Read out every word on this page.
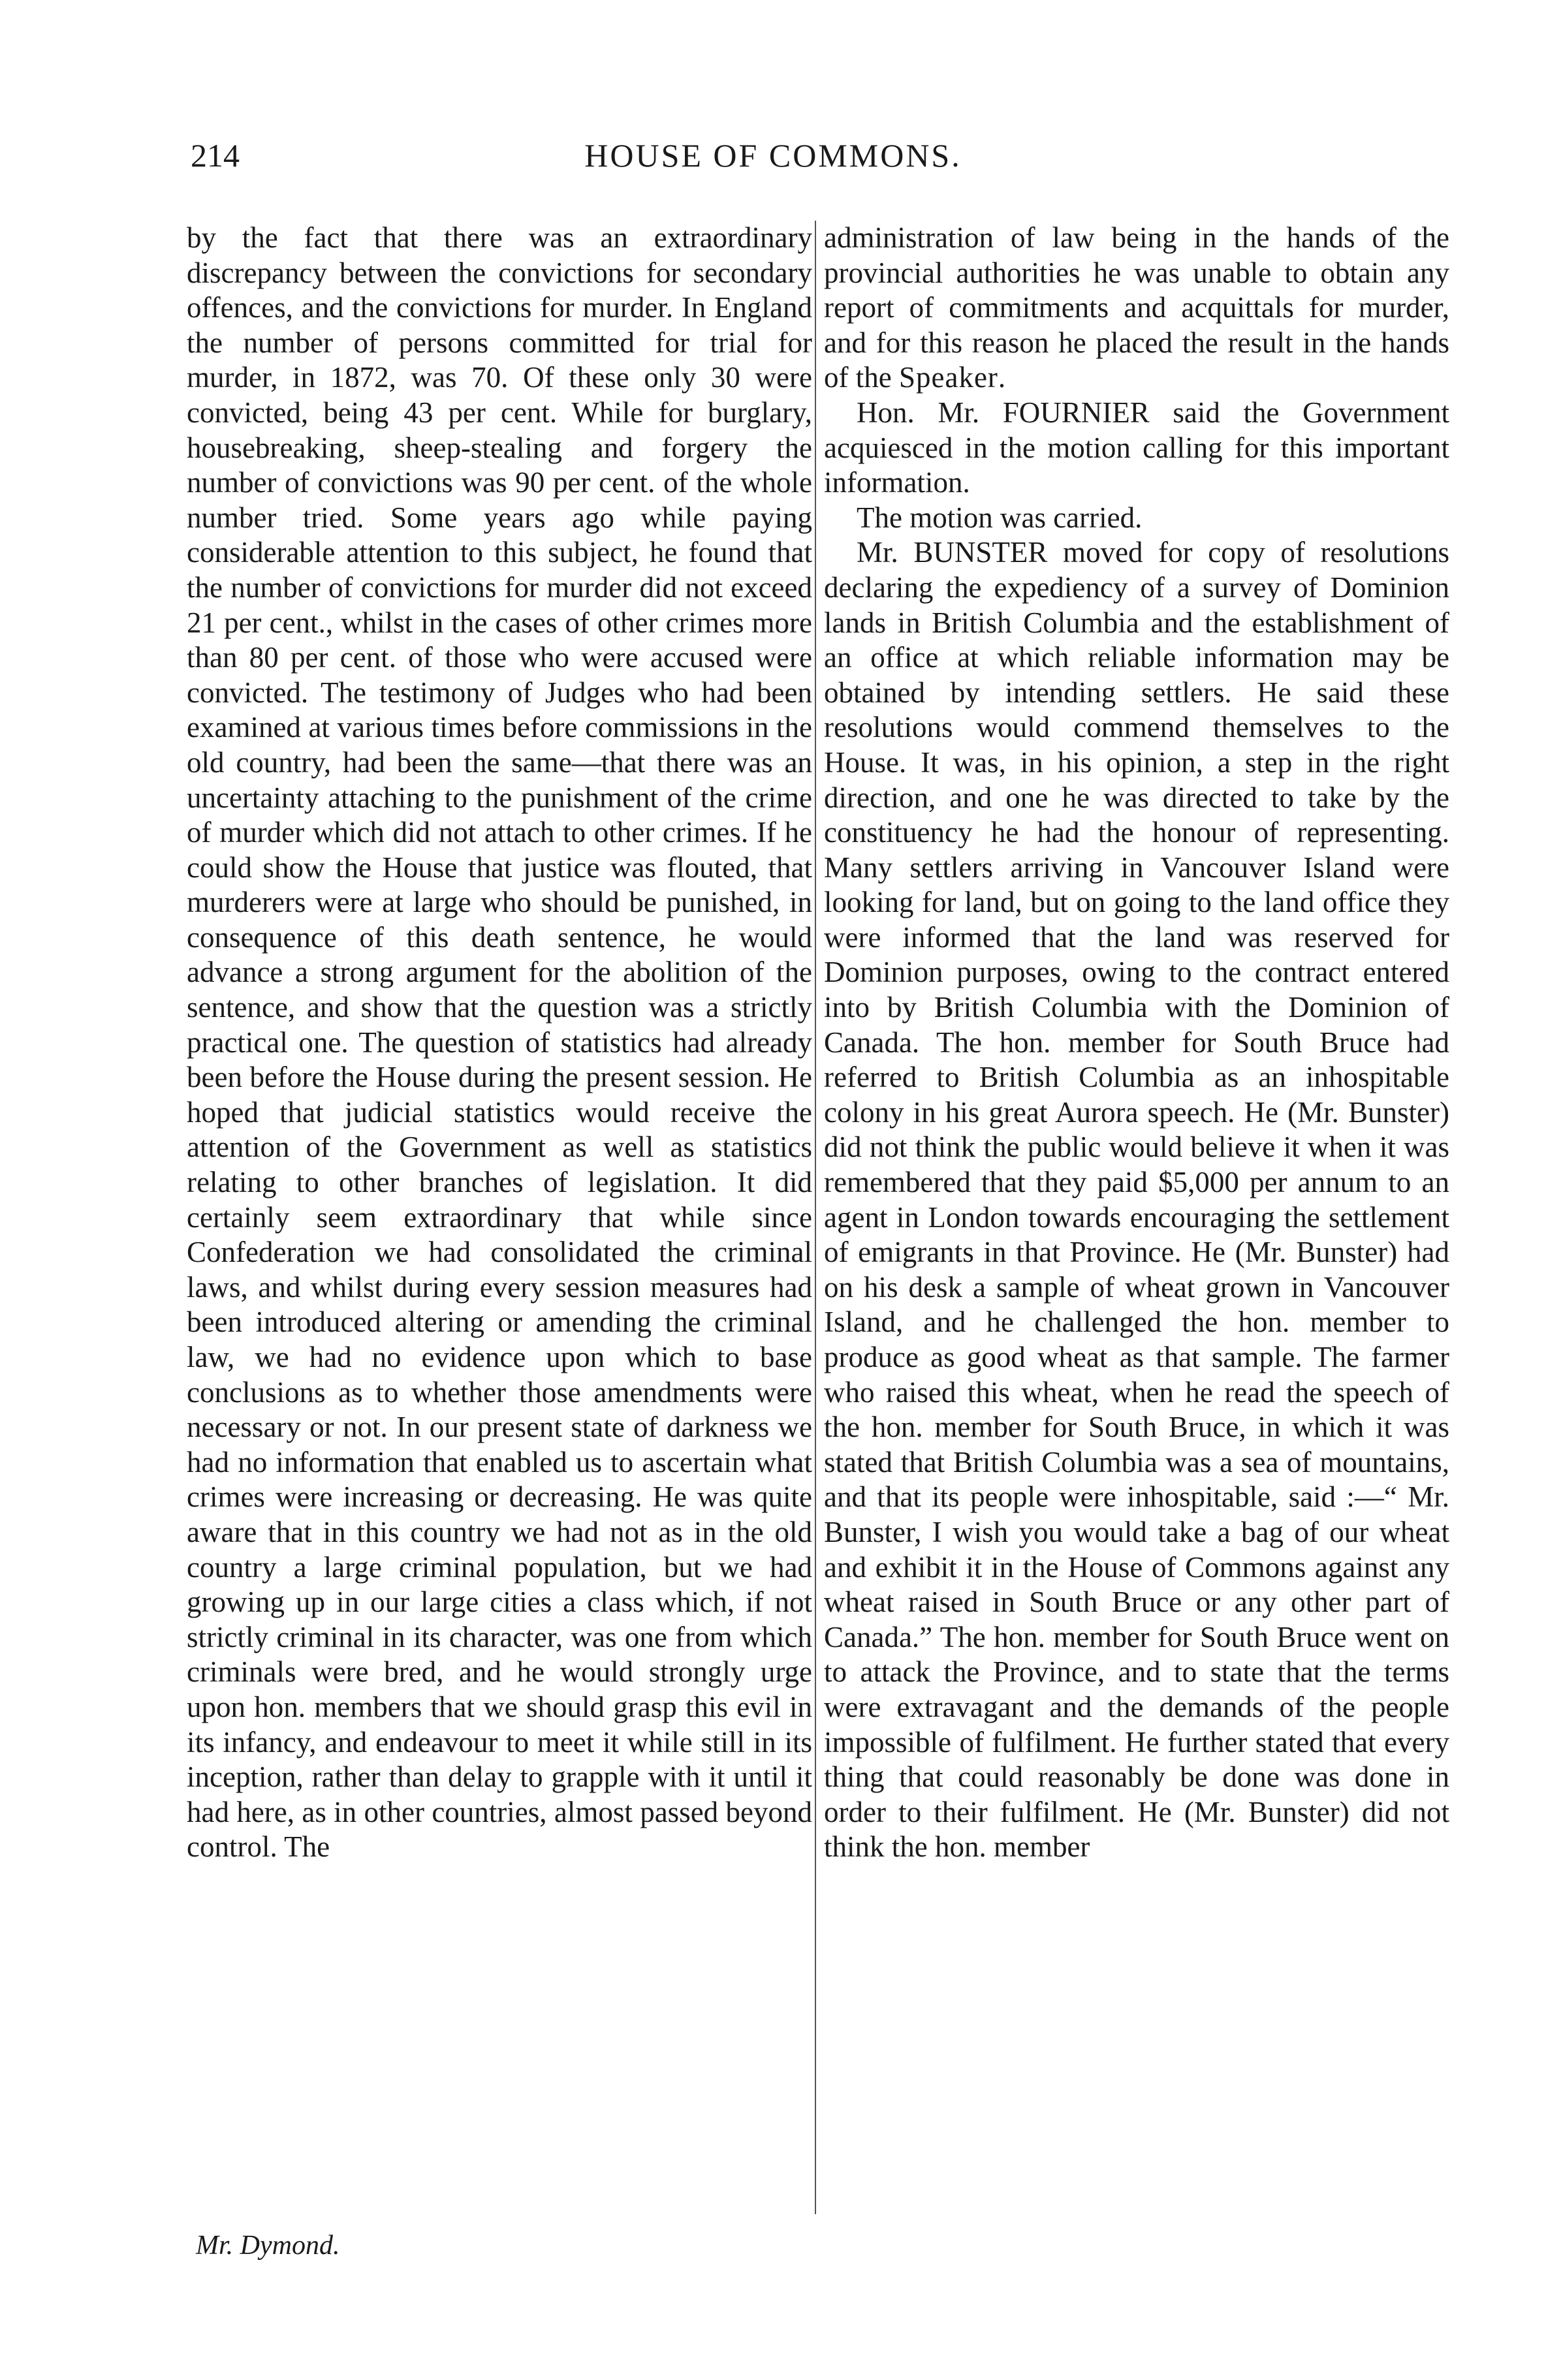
214	HOUSE OF COMMONS.

by the fact that there was an extraordinary discrepancy between the convictions for secondary offences, and the convictions for murder. In England the number of persons committed for trial for murder, in 1872, was 70. Of these only 30 were convicted, being 43 per cent. While for burglary, housebreaking, sheep-stealing and forgery the number of convictions was 90 per cent. of the whole number tried. Some years ago while paying considerable attention to this subject, he found that the number of convictions for murder did not exceed 21 per cent., whilst in the cases of other crimes more than 80 per cent. of those who were accused were convicted. The testimony of Judges who had been examined at various times before commissions in the old country, had been the same—that there was an uncertainty attaching to the punishment of the crime of murder which did not attach to other crimes. If he could show the House that justice was flouted, that murderers were at large who should be punished, in consequence of this death sentence, he would advance a strong argument for the abolition of the sentence, and show that the question was a strictly practical one. The question of statistics had already been before the House during the present session. He hoped that judicial statistics would receive the attention of the Government as well as statistics relating to other branches of legislation. It did certainly seem extraordinary that while since Confederation we had consolidated the criminal laws, and whilst during every session measures had been introduced altering or amending the criminal law, we had no evidence upon which to base conclusions as to whether those amendments were necessary or not. In our present state of darkness we had no information that enabled us to ascertain what crimes were increasing or decreasing. He was quite aware that in this country we had not as in the old country a large criminal population, but we had growing up in our large cities a class which, if not strictly criminal in its character, was one from which criminals were bred, and he would strongly urge upon hon. members that we should grasp this evil in its infancy, and endeavour to meet it while still in its inception, rather than delay to grapple with it until it had here, as in other countries, almost passed beyond control. The

administration of law being in the hands of the provincial authorities he was unable to obtain any report of commitments and acquittals for murder, and for this reason he placed the result in the hands of the Speaker.

Hon. Mr. FOURNIER said the Government acquiesced in the motion calling for this important information.

The motion was carried.

Mr. BUNSTER moved for copy of resolutions declaring the expediency of a survey of Dominion lands in British Columbia and the establishment of an office at which reliable information may be obtained by intending settlers. He said these resolutions would commend themselves to the House. It was, in his opinion, a step in the right direction, and one he was directed to take by the constituency he had the honour of representing. Many settlers arriving in Vancouver Island were looking for land, but on going to the land office they were informed that the land was reserved for Dominion purposes, owing to the contract entered into by British Columbia with the Dominion of Canada. The hon. member for South Bruce had referred to British Columbia as an inhospitable colony in his great Aurora speech. He (Mr. Bunster) did not think the public would believe it when it was remembered that they paid $5,000 per annum to an agent in London towards encouraging the settlement of emigrants in that Province. He (Mr. Bunster) had on his desk a sample of wheat grown in Vancouver Island, and he challenged the hon. member to produce as good wheat as that sample. The farmer who raised this wheat, when he read the speech of the hon. member for South Bruce, in which it was stated that British Columbia was a sea of mountains, and that its people were inhospitable, said :—“ Mr. Bunster, I wish you would take a bag of our wheat and exhibit it in the House of Commons against any wheat raised in South Bruce or any other part of Canada.” The hon. member for South Bruce went on to attack the Province, and to state that the terms were extravagant and the demands of the people impossible of fulfilment. He further stated that every thing that could reasonably be done was done in order to their fulfilment. He (Mr. Bunster) did not think the hon. member

Mr. Dymond.
